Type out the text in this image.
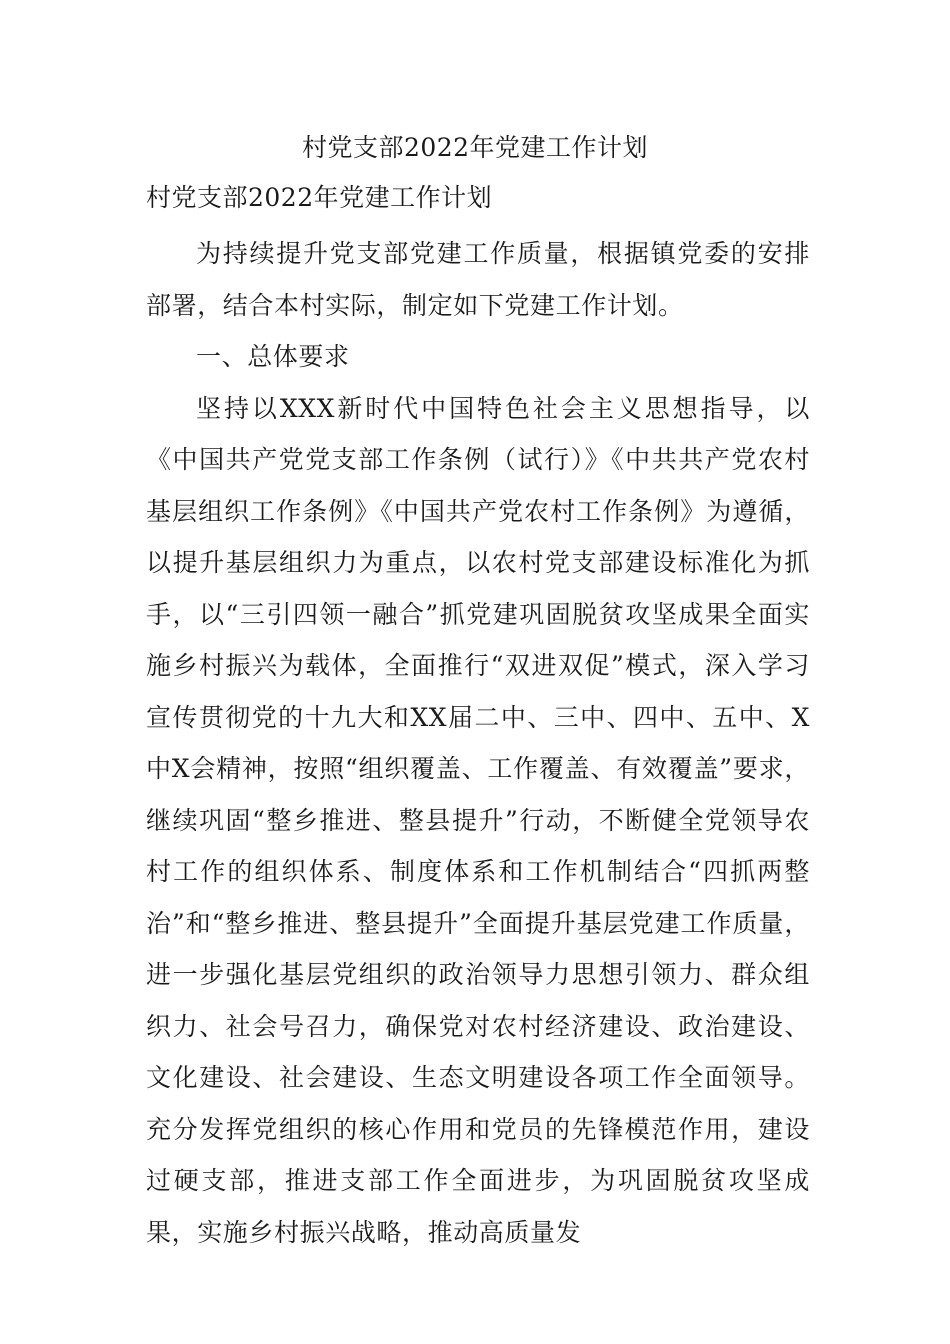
村党支部2022年党建工作计划
村党支部2022年党建工作计划

为持续提升党支部党建工作质量，根据镇党委的安排部署，结合本村实际，制定如下党建工作计划。

一、总体要求

坚持以XXX新时代中国特色社会主义思想指导，以《中国共产党党支部工作条例（试行）》《中共共产党农村基层组织工作条例》《中国共产党农村工作条例》为遵循，以提升基层组织力为重点，以农村党支部建设标准化为抓手，以“三引四领一融合”抓党建巩固脱贫攻坚成果全面实施乡村振兴为载体，全面推行“双进双促”模式，深入学习宣传贯彻党的十九大和XX届二中、三中、四中、五中、X中X会精神，按照“组织覆盖、工作覆盖、有效覆盖”要求，继续巩固“整乡推进、整县提升”行动，不断健全党领导农村工作的组织体系、制度体系和工作机制结合“四抓两整治”和“整乡推进、整县提升”全面提升基层党建工作质量，进一步强化基层党组织的政治领导力思想引领力、群众组织力、社会号召力，确保党对农村经济建设、政治建设、文化建设、社会建设、生态文明建设各项工作全面领导。充分发挥党组织的核心作用和党员的先锋模范作用，建设过硬支部，推进支部工作全面进步，为巩固脱贫攻坚成果，实施乡村振兴战略，推动高质量发
